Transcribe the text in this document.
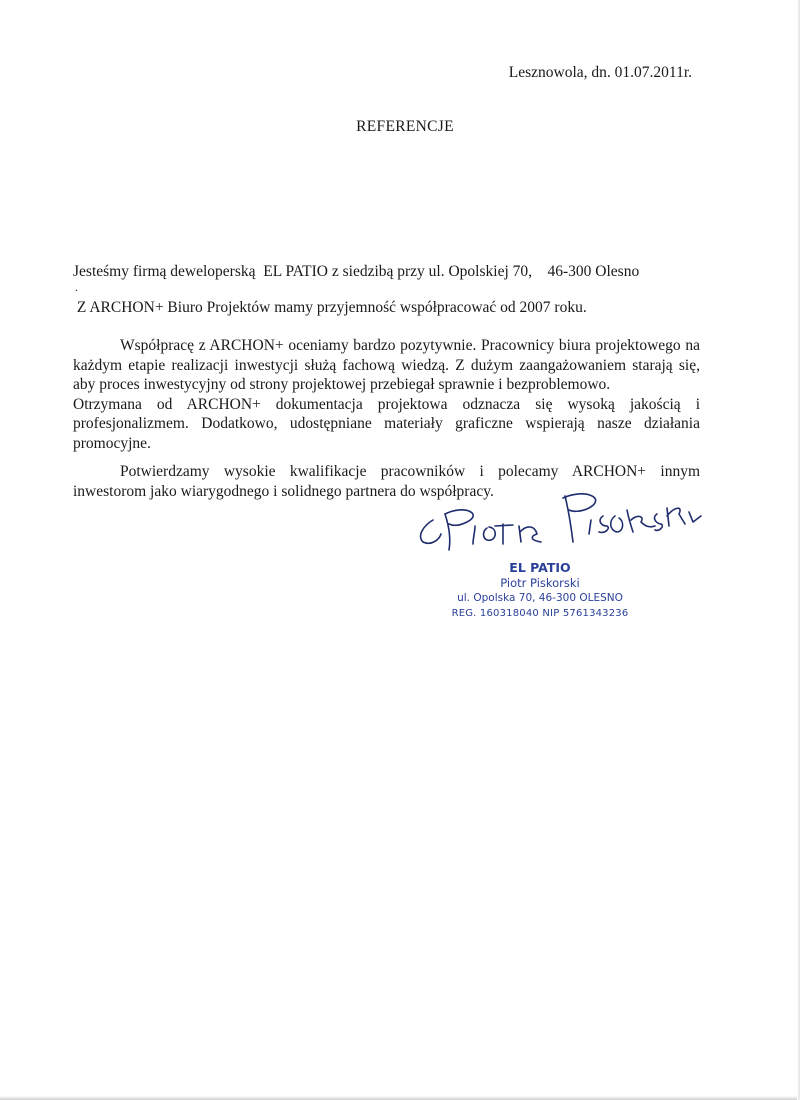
Lesznowola, dn. 01.07.2011r.
REFERENCJE
Jesteśmy firmą deweloperską  EL PATIO z siedzibą przy ul. Opolskiej 70,    46-300 Olesno
.
Z ARCHON+ Biuro Projektów mamy przyjemność współpracować od 2007 roku.
Współpracę z ARCHON+ oceniamy bardzo pozytywnie. Pracownicy biura projektowego na każdym etapie realizacji inwestycji służą fachową wiedzą. Z dużym zaangażowaniem starają się, aby proces inwestycyjny od strony projektowej przebiegał sprawnie i bezproblemowo.
Otrzymana od ARCHON+ dokumentacja projektowa odznacza się wysoką jakością i profesjonalizmem. Dodatkowo, udostępniane materiały graficzne wspierają nasze działania promocyjne.
Potwierdzamy wysokie kwalifikacje pracowników i polecamy ARCHON+ innym inwestorom jako wiarygodnego i solidnego partnera do współpracy.
EL PATIO
Piotr Piskorski
ul. Opolska 70, 46-300 OLESNO
REG. 160318040 NIP 5761343236
